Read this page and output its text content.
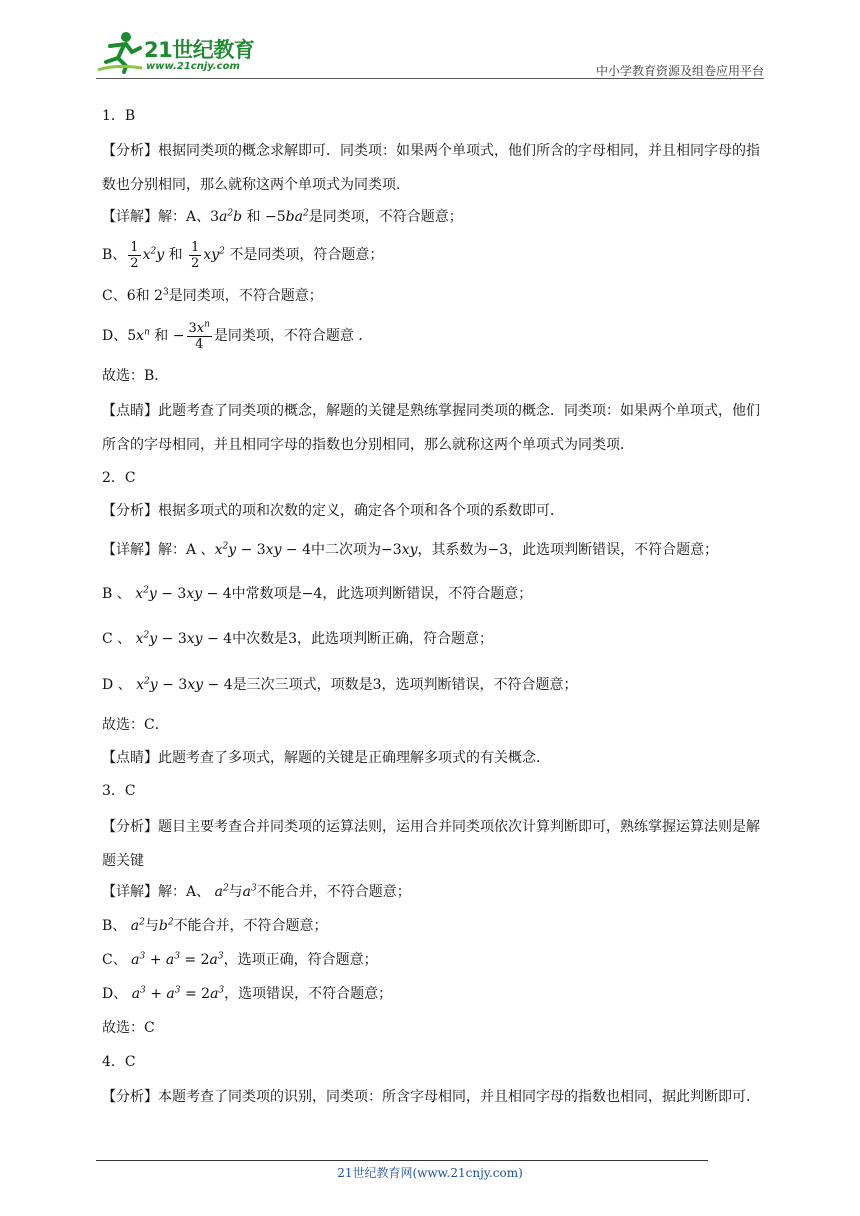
21世纪教育
www.21cnjy.com	中小学教育资源及组卷应用平台
1．B
【分析】根据同类项的概念求解即可．同类项：如果两个单项式，他们所含的字母相同，并且相同字母的指数也分别相同，那么就称这两个单项式为同类项．
【详解】解：A、$3a^2b$ 和 $-5ba^2$是同类项，不符合题意；
B、 $\frac{1}{2} x^2y$ 和 $\frac{1}{2} xy^2$ 不是同类项，符合题意；
C、6和 $2^3$是同类项，不符合题意；
D、$5x^n$ 和 − $\frac{3x^n}{4}$ 是同类项，不符合题意 ．
故选：B．
【点睛】此题考查了同类项的概念，解题的关键是熟练掌握同类项的概念．同类项：如果两个单项式，他们所含的字母相同，并且相同字母的指数也分别相同，那么就称这两个单项式为同类项．
2．C
【分析】根据多项式的项和次数的定义，确定各个项和各个项的系数即可．
【详解】解：A 、$x^2y - 3xy - 4$中二次项为−3xy，其系数为−3，此选项判断错误，不符合题意；
B 、 $x^2y - 3xy - 4$中常数项是−4，此选项判断错误，不符合题意；
C 、 $x^2y - 3xy - 4$中次数是3，此选项判断正确，符合题意；
D 、 $x^2y - 3xy - 4$是三次三项式，项数是3，选项判断错误，不符合题意；
故选：C．
【点睛】此题考查了多项式，解题的关键是正确理解多项式的有关概念．
3．C
【分析】题目主要考查合并同类项的运算法则，运用合并同类项依次计算判断即可，熟练掌握运算法则是解题关键
【详解】解：A、 $a^2$与$a^3$不能合并，不符合题意；
B、 $a^2$与$b^2$不能合并，不符合题意；
C、 $a^3 + a^3 = 2a^3$，选项正确，符合题意；
D、 $a^3 + a^3 = 2a^3$，选项错误，不符合题意；
故选：C
4．C
【分析】本题考查了同类项的识别，同类项：所含字母相同，并且相同字母的指数也相同，据此判断即可．
21世纪教育网(www.21cnjy.com)
